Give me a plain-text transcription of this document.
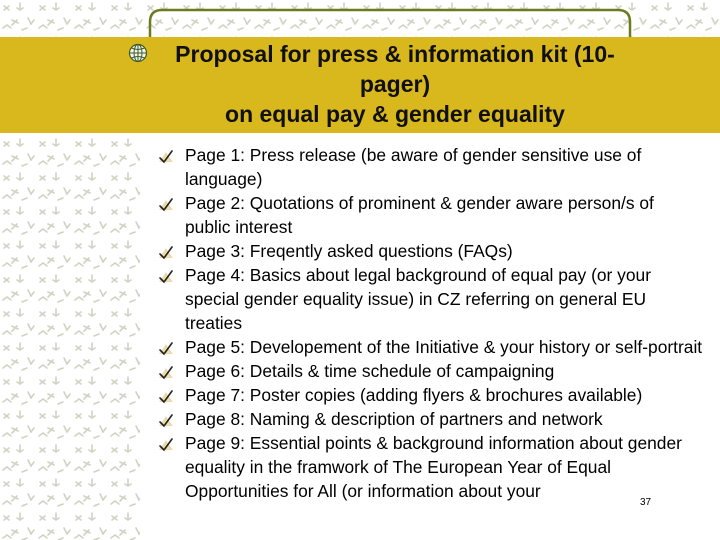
Proposal for press & information kit (10-
pager)
on equal pay & gender equality
Page 1: Press release (be aware of gender sensitive use of language)
Page 2: Quotations of prominent & gender aware person/s of public interest
Page 3: Freqently asked questions (FAQs)
Page 4: Basics about legal background of equal pay (or your special gender equality issue) in CZ referring on general EU treaties
Page 5: Developement of the Initiative & your history or self-portrait
Page 6: Details & time schedule of campaigning
Page 7: Poster copies (adding flyers & brochures available)
Page 8: Naming & description of partners and network
Page 9: Essential points & background information about gender equality in the framwork of The European Year of Equal Opportunities for All (or information about your
37
